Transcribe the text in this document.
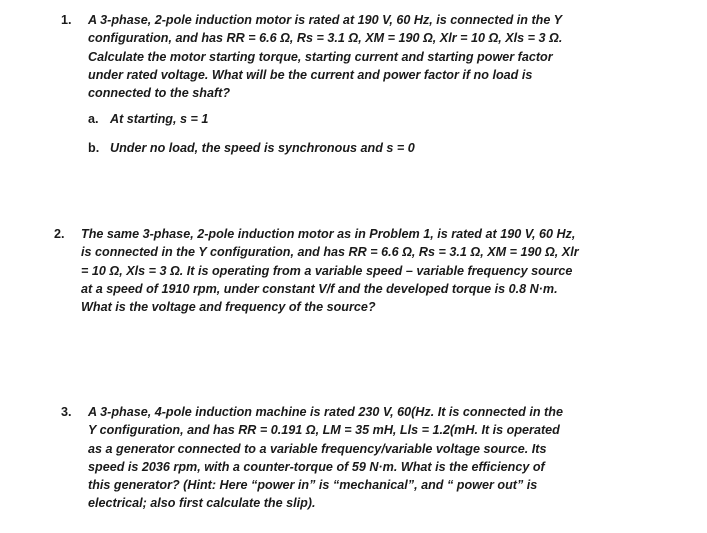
1. A 3-phase, 2-pole induction motor is rated at 190 V, 60 Hz, is connected in the Y
configuration, and has RR = 6.6 Ω, Rs = 3.1 Ω, XM = 190 Ω, Xlr = 10 Ω, Xls = 3 Ω.
Calculate the motor starting torque, starting current and starting power factor
under rated voltage. What will be the current and power factor if no load is
connected to the shaft?
a. At starting, s = 1
b. Under no load, the speed is synchronous and s = 0
2. The same 3-phase, 2-pole induction motor as in Problem 1, is rated at 190 V, 60 Hz,
is connected in the Y configuration, and has RR = 6.6 Ω, Rs = 3.1 Ω, XM = 190 Ω, Xlr
= 10 Ω, Xls = 3 Ω. It is operating from a variable speed – variable frequency source
at a speed of 1910 rpm, under constant V/f and the developed torque is 0.8 N·m.
What is the voltage and frequency of the source?
3. A 3-phase, 4-pole induction machine is rated 230 V, 60(Hz. It is connected in the
Y configuration, and has RR = 0.191 Ω, LM = 35 mH, Lls = 1.2(mH. It is operated
as a generator connected to a variable frequency/variable voltage source. Its
speed is 2036 rpm, with a counter-torque of 59 N·m. What is the efficiency of
this generator? (Hint: Here “power in” is “mechanical”, and “ power out” is
electrical; also first calculate the slip).
